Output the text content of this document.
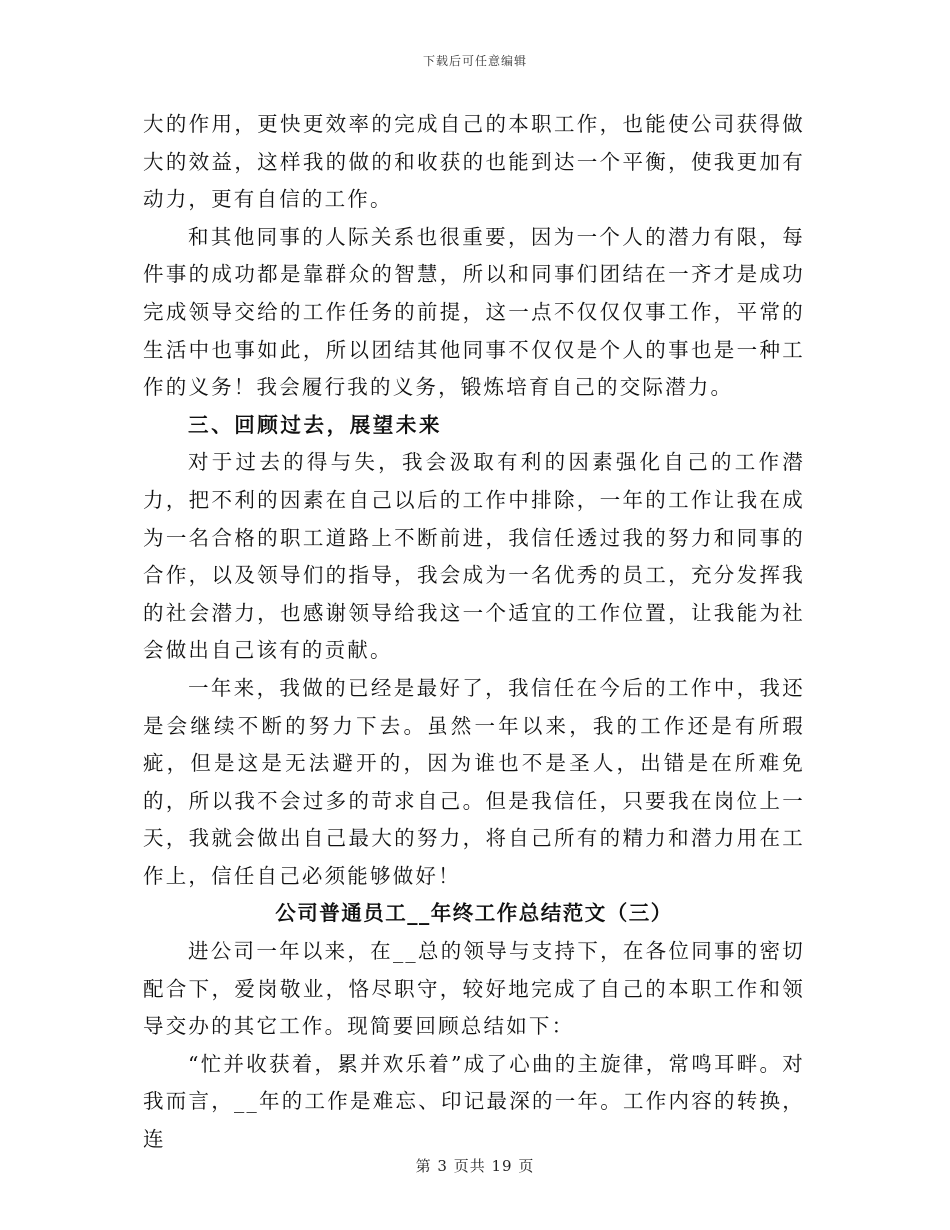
下载后可任意编辑

大的作用，更快更效率的完成自己的本职工作，也能使公司获得做大的效益，这样我的做的和收获的也能到达一个平衡，使我更加有动力，更有自信的工作。

和其他同事的人际关系也很重要，因为一个人的潜力有限，每件事的成功都是靠群众的智慧，所以和同事们团结在一齐才是成功完成领导交给的工作任务的前提，这一点不仅仅仅事工作，平常的生活中也事如此，所以团结其他同事不仅仅是个人的事也是一种工作的义务！我会履行我的义务，锻炼培育自己的交际潜力。

三、回顾过去，展望未来

对于过去的得与失，我会汲取有利的因素强化自己的工作潜力，把不利的因素在自己以后的工作中排除，一年的工作让我在成为一名合格的职工道路上不断前进，我信任透过我的努力和同事的合作，以及领导们的指导，我会成为一名优秀的员工，充分发挥我的社会潜力，也感谢领导给我这一个适宜的工作位置，让我能为社会做出自己该有的贡献。

一年来，我做的已经是最好了，我信任在今后的工作中，我还是会继续不断的努力下去。虽然一年以来，我的工作还是有所瑕疵，但是这是无法避开的，因为谁也不是圣人，出错是在所难免的，所以我不会过多的苛求自己。但是我信任，只要我在岗位上一天，我就会做出自己最大的努力，将自己所有的精力和潜力用在工作上，信任自己必须能够做好！

公司普通员工__年终工作总结范文（三）

进公司一年以来，在__总的领导与支持下，在各位同事的密切配合下，爱岗敬业，恪尽职守，较好地完成了自己的本职工作和领导交办的其它工作。现简要回顾总结如下：

“忙并收获着，累并欢乐着”成了心曲的主旋律，常鸣耳畔。对我而言，__年的工作是难忘、印记最深的一年。工作内容的转换，连

第 3 页共 19 页
